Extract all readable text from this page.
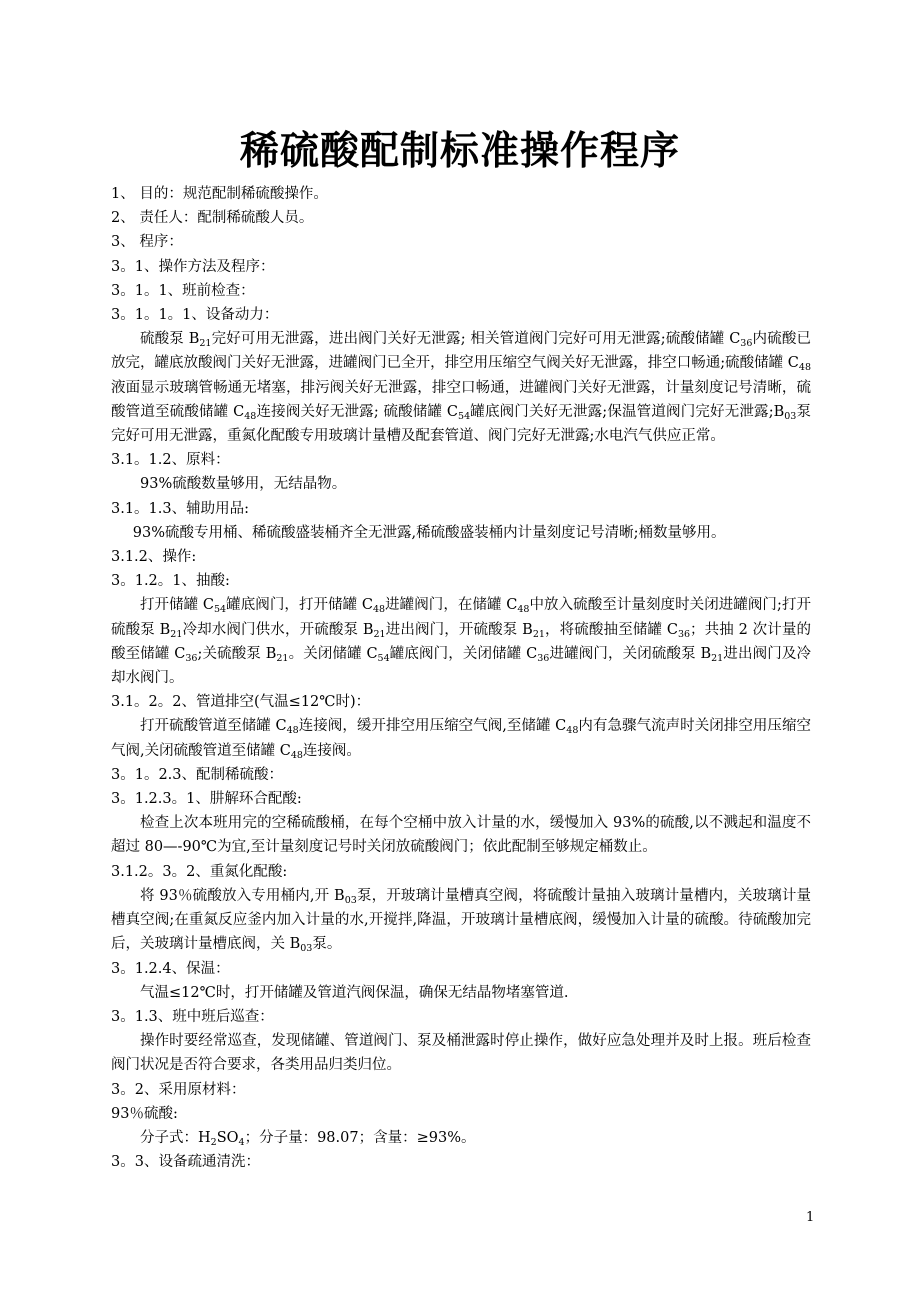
稀硫酸配制标准操作程序

1、 目的：规范配制稀硫酸操作。

2、 责任人：配制稀硫酸人员。

3、 程序：

3。1、操作方法及程序：

3。1。1、班前检查：

3。1。1。1、设备动力：

硫酸泵 $B_{21}$完好可用无泄露，进出阀门关好无泄露; 相关管道阀门完好可用无泄露;硫酸储罐 $C_{36}$内硫酸已放完，罐底放酸阀门关好无泄露，进罐阀门已全开，排空用压缩空气阀关好无泄露，排空口畅通;硫酸储罐 $C_{48}$液面显示玻璃管畅通无堵塞，排污阀关好无泄露，排空口畅通，进罐阀门关好无泄露，计量刻度记号清晰，硫酸管道至硫酸储罐 $C_{48}$连接阀关好无泄露; 硫酸储罐 $C_{54}$罐底阀门关好无泄露;保温管道阀门完好无泄露$;B_{03}$泵完好可用无泄露，重氮化配酸专用玻璃计量槽及配套管道、阀门完好无泄露;水电汽气供应正常。

3.1。1.2、原料：

93%硫酸数量够用，无结晶物。

3.1。1.3、辅助用品:

93%硫酸专用桶、稀硫酸盛装桶齐全无泄露,稀硫酸盛装桶内计量刻度记号清晰;桶数量够用。

3.1.2、操作:

3。1.2。1、抽酸:

打开储罐 $C_{54}$罐底阀门，打开储罐 $C_{48}$进罐阀门，在储罐 $C_{48}$中放入硫酸至计量刻度时关闭进罐阀门;打开硫酸泵 $B_{21}$冷却水阀门供水，开硫酸泵 $B_{21}$进出阀门，开硫酸泵 $B_{21}$，将硫酸抽至储罐 $C_{36}$；共抽 2 次计量的酸至储罐 $C_{36}$;关硫酸泵 $B_{21}$。关闭储罐 $C_{54}$罐底阀门，关闭储罐 $C_{36}$进罐阀门，关闭硫酸泵 $B_{21}$进出阀门及冷却水阀门。

3.1。2。2、管道排空(气温≤12℃时)：

打开硫酸管道至储罐 $C_{48}$连接阀，缓开排空用压缩空气阀,至储罐 $C_{48}$内有急骤气流声时关闭排空用压缩空气阀,关闭硫酸管道至储罐 $C_{48}$连接阀。

3。1。2.3、配制稀硫酸：

3。1.2.3。1、肼解环合配酸:

检查上次本班用完的空稀硫酸桶，在每个空桶中放入计量的水，缓慢加入 93%的硫酸,以不溅起和温度不超过 80—-90℃为宜,至计量刻度记号时关闭放硫酸阀门；依此配制至够规定桶数止。

3.1.2。3。2、重氮化配酸:

将 93％硫酸放入专用桶内,开 $B_{03}$泵，开玻璃计量槽真空阀，将硫酸计量抽入玻璃计量槽内，关玻璃计量槽真空阀;在重氮反应釜内加入计量的水,开搅拌,降温，开玻璃计量槽底阀，缓慢加入计量的硫酸。待硫酸加完后，关玻璃计量槽底阀，关 $B_{03}$泵。

3。1.2.4、保温：

气温≤12℃时，打开储罐及管道汽阀保温，确保无结晶物堵塞管道.

3。1.3、班中班后巡查：

操作时要经常巡查，发现储罐、管道阀门、泵及桶泄露时停止操作，做好应急处理并及时上报。班后检查阀门状况是否符合要求，各类用品归类归位。

3。2、采用原材料：

93％硫酸:

分子式：$H_2SO_4$；分子量：98.07；含量：≥93%。

3。3、设备疏通清洗：

1
